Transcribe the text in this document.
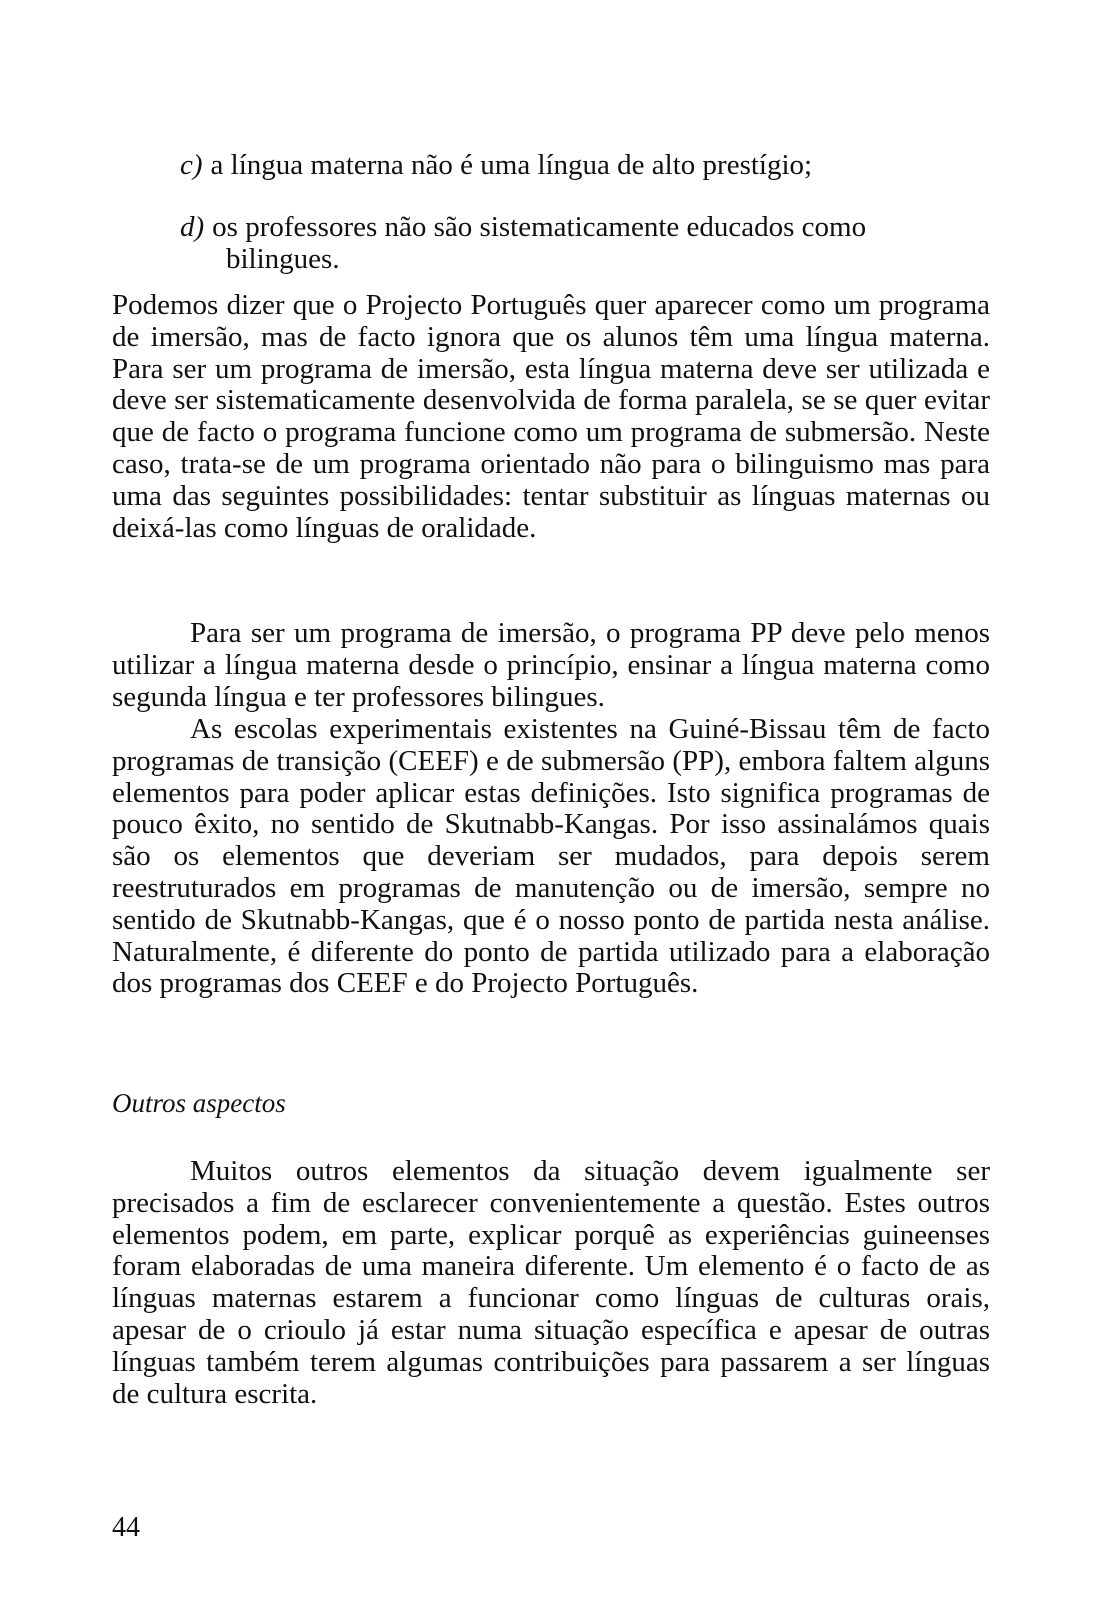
c) a língua materna não é uma língua de alto prestígio;
d) os professores não são sistematicamente educados como
bilingues.
Podemos dizer que o Projecto Português quer aparecer como um programa de imersão, mas de facto ignora que os alunos têm uma língua materna. Para ser um programa de imersão, esta língua materna deve ser utilizada e deve ser sistematicamente desenvolvida de forma paralela, se se quer evitar que de facto o programa funcione como um programa de submersão. Neste caso, trata-se de um programa orientado não para o bilinguismo mas para uma das seguintes possibilidades: tentar substituir as línguas maternas ou deixá-las como línguas de oralidade.
Para ser um programa de imersão, o programa PP deve pelo menos utilizar a língua materna desde o princípio, ensinar a língua materna como segunda língua e ter professores bilingues.
As escolas experimentais existentes na Guiné-Bissau têm de facto programas de transição (CEEF) e de submersão (PP), embora faltem alguns elementos para poder aplicar estas definições. Isto significa programas de pouco êxito, no sentido de Skutnabb-Kangas. Por isso assinalámos quais são os elementos que deveriam ser mudados, para depois serem reestruturados em programas de manutenção ou de imersão, sempre no sentido de Skutnabb-Kangas, que é o nosso ponto de partida nesta análise. Naturalmente, é diferente do ponto de partida utilizado para a elaboração dos programas dos CEEF e do Projecto Português.
Outros aspectos
Muitos outros elementos da situação devem igualmente ser precisados a fim de esclarecer convenientemente a questão. Estes outros elementos podem, em parte, explicar porquê as experiências guineenses foram elaboradas de uma maneira diferente. Um elemento é o facto de as línguas maternas estarem a funcionar como línguas de culturas orais, apesar de o crioulo já estar numa situação específica e apesar de outras línguas também terem algumas contribuições para passarem a ser línguas de cultura escrita.
44
